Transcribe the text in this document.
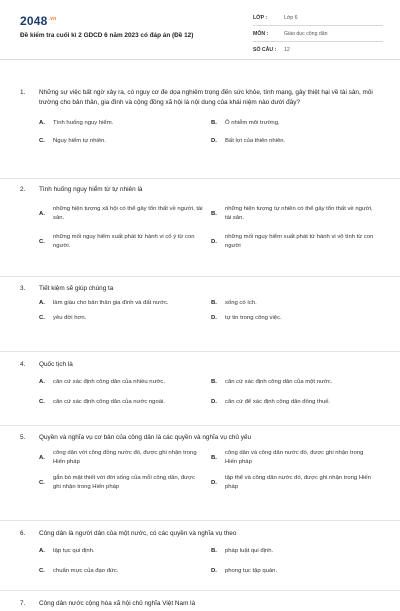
$2048^{.vn}$
Đề kiểm tra cuối kì 2 GDCD 6 năm 2023 có đáp án (Đề 12)
LỚP :	Lớp 6
MÔN :	Giáo dục công dân
SỐ CÂU :	12
1.	Những sự việc bất ngờ xảy ra, có nguy cơ đe dọa nghiêm trọng đến sức khỏe, tính mạng, gây thiệt hại về tài sản, môi trường cho bản thân, gia đình và cộng đồng xã hội là nội dung của khái niệm nào dưới đây?
A.	Tình huống nguy hiểm.	B.	Ô nhiễm môi trường.
C.	Nguy hiểm tự nhiên.	D.	Bất lợi của thiên nhiên.
2.	Tình huống nguy hiểm từ tự nhiên là
A.
những hiện tượng xã hội có thể gây tổn thất về người, tài sản.
B.
những hiện tượng tự nhiên có thể gây tổn thất về người, tài sản.
C.
những mối nguy hiểm xuất phát từ hành vi cố ý từ con người.
D.
những mối nguy hiểm xuất phát từ hành vi vô tình từ con người
3.	Tiết kiệm sẽ giúp chúng ta
A.	làm giàu cho bản thân gia đình và đất nước.	B.	sống có ích.
C.	yêu đời hơn.	D.	tự tin trong công việc.
4.	Quốc tịch là
A.	căn cứ xác định công dân của nhiều nước.	B.	căn cứ xác định công dân của một nước.
C.	căn cứ xác định công dân của nước ngoài.	D.	căn cứ để xác định công dân đồng thuế.
5.	Quyền và nghĩa vụ cơ bản của công dân là các quyền và nghĩa vụ chủ yếu
A.
công dân với công đồng nước đó, được ghi nhận trong Hiến pháp
B.
công dân và công dân nước đó, được ghi nhận trong Hiến pháp
C.
gắn bó mật thiết với đời sống của mỗi công dân, được ghi nhận trong Hiến pháp
D.
tập thể và công dân nước đó, được ghi nhận trong Hiến pháp
6.	Công dân là người dân của một nước, có các quyền và nghĩa vụ theo
A.	tập tục qui định.	B.	pháp luật qui định.
C.	chuẩn mực của đạo đức.	D.	phong tục tập quán.
7.	Công dân nước cộng hòa xã hội chủ nghĩa Việt Nam là
